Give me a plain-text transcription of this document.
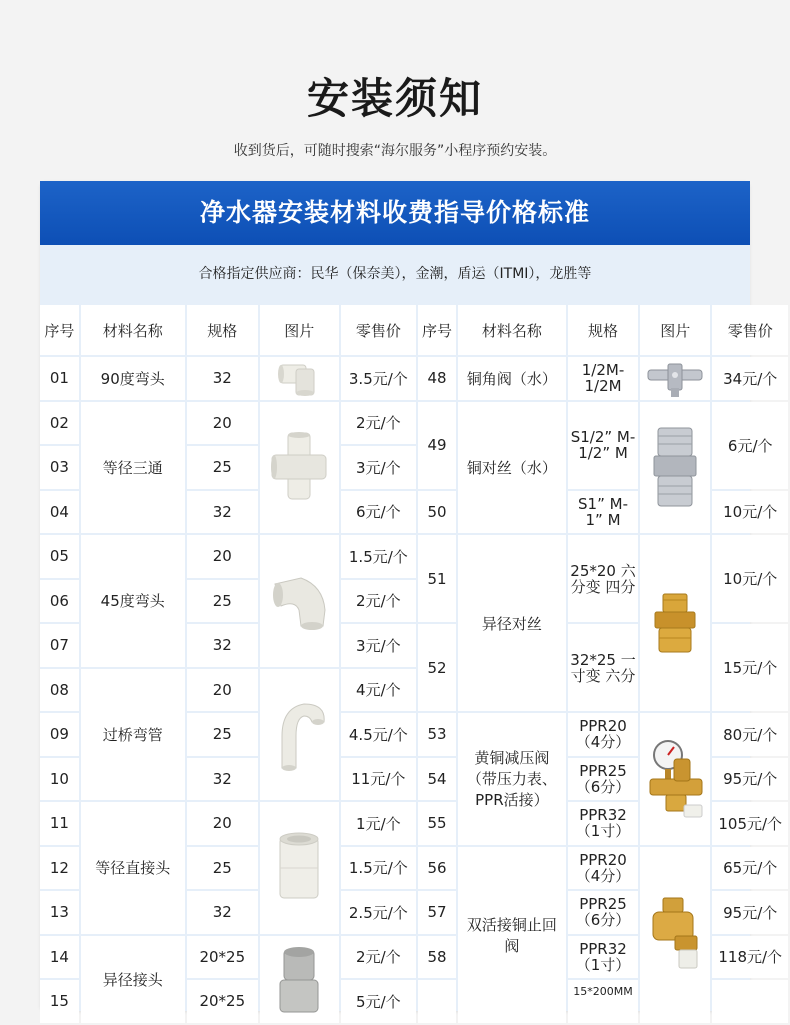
安装须知
收到货后，可随时搜索“海尔服务”小程序预约安装。
净水器安装材料收费指导价格标准
合格指定供应商：民华（保奈美），金潮，盾运（ITMI），龙胜等
序号	材料名称	规格	图片	零售价	序号	材料名称	规格	图片	零售价
01	90度弯头	32		3.5元/个	48	铜角阀（水）	1/2M-1/2M		34元/个
02	等径三通	20		2元/个	49	铜对丝（水）	S1/2” M-1/2” M		6元/个
03		25		3元/个					
04		32		6元/个	50		S1” M-1” M		10元/个
05	45度弯头	20		1.5元/个	51	异径对丝	25*20 六分变 四分		10元/个
06		25		2元/个					
07		32		3元/个	52		32*25 一寸变 六分		15元/个
08	过桥弯管	20		4元/个					
09		25		4.5元/个	53	黄铜减压阀（带压力表、PPR活接）	PPR20 （4分）		80元/个
10		32		11元/个	54		PPR25 （6分）		95元/个
11	等径直接头	20		1元/个	55		PPR32 （1寸）		105元/个
12		25		1.5元/个	56	双活接铜止回阀	PPR20 （4分）		65元/个
13		32		2.5元/个	57		PPR25 （6分）		95元/个
14	异径接头	20*25		2元/个	58		PPR32 （1寸）		118元/个
15		20*25		5元/个			15*200MM		
